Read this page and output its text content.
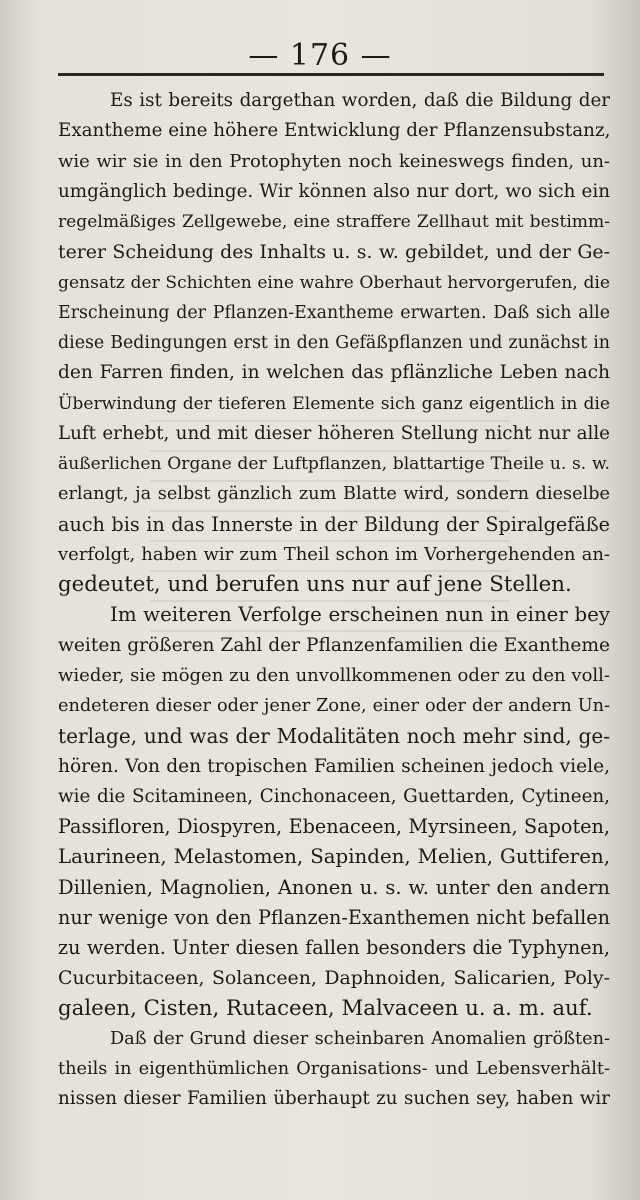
— 176 —
Es ist bereits dargethan worden, daß die Bildung der
Exantheme eine höhere Entwicklung der Pflanzensubstanz,
wie wir sie in den Protophyten noch keineswegs finden, un-
umgänglich bedinge. Wir können also nur dort, wo sich ein
regelmäßiges Zellgewebe, eine straffere Zellhaut mit bestimm-
terer Scheidung des Inhalts u. s. w. gebildet, und der Ge-
gensatz der Schichten eine wahre Oberhaut hervorgerufen, die
Erscheinung der Pflanzen-Exantheme erwarten. Daß sich alle
diese Bedingungen erst in den Gefäßpflanzen und zunächst in
den Farren finden, in welchen das pflänzliche Leben nach
Überwindung der tieferen Elemente sich ganz eigentlich in die
Luft erhebt, und mit dieser höheren Stellung nicht nur alle
äußerlichen Organe der Luftpflanzen, blattartige Theile u. s. w.
erlangt, ja selbst gänzlich zum Blatte wird, sondern dieselbe
auch bis in das Innerste in der Bildung der Spiralgefäße
verfolgt, haben wir zum Theil schon im Vorhergehenden an-
gedeutet, und berufen uns nur auf jene Stellen.
Im weiteren Verfolge erscheinen nun in einer bey
weiten größeren Zahl der Pflanzenfamilien die Exantheme
wieder, sie mögen zu den unvollkommenen oder zu den voll-
endeteren dieser oder jener Zone, einer oder der andern Un-
terlage, und was der Modalitäten noch mehr sind, ge-
hören. Von den tropischen Familien scheinen jedoch viele,
wie die Scitamineen, Cinchonaceen, Guettarden, Cytineen,
Passifloren, Diospyren, Ebenaceen, Myrsineen, Sapoten,
Laurineen, Melastomen, Sapinden, Melien, Guttiferen,
Dillenien, Magnolien, Anonen u. s. w. unter den andern
nur wenige von den Pflanzen-Exanthemen nicht befallen
zu werden. Unter diesen fallen besonders die Typhynen,
Cucurbitaceen, Solanceen, Daphnoiden, Salicarien, Poly-
galeen, Cisten, Rutaceen, Malvaceen u. a. m. auf.
Daß der Grund dieser scheinbaren Anomalien größten-
theils in eigenthümlichen Organisations- und Lebensverhält-
nissen dieser Familien überhaupt zu suchen sey, haben wir
